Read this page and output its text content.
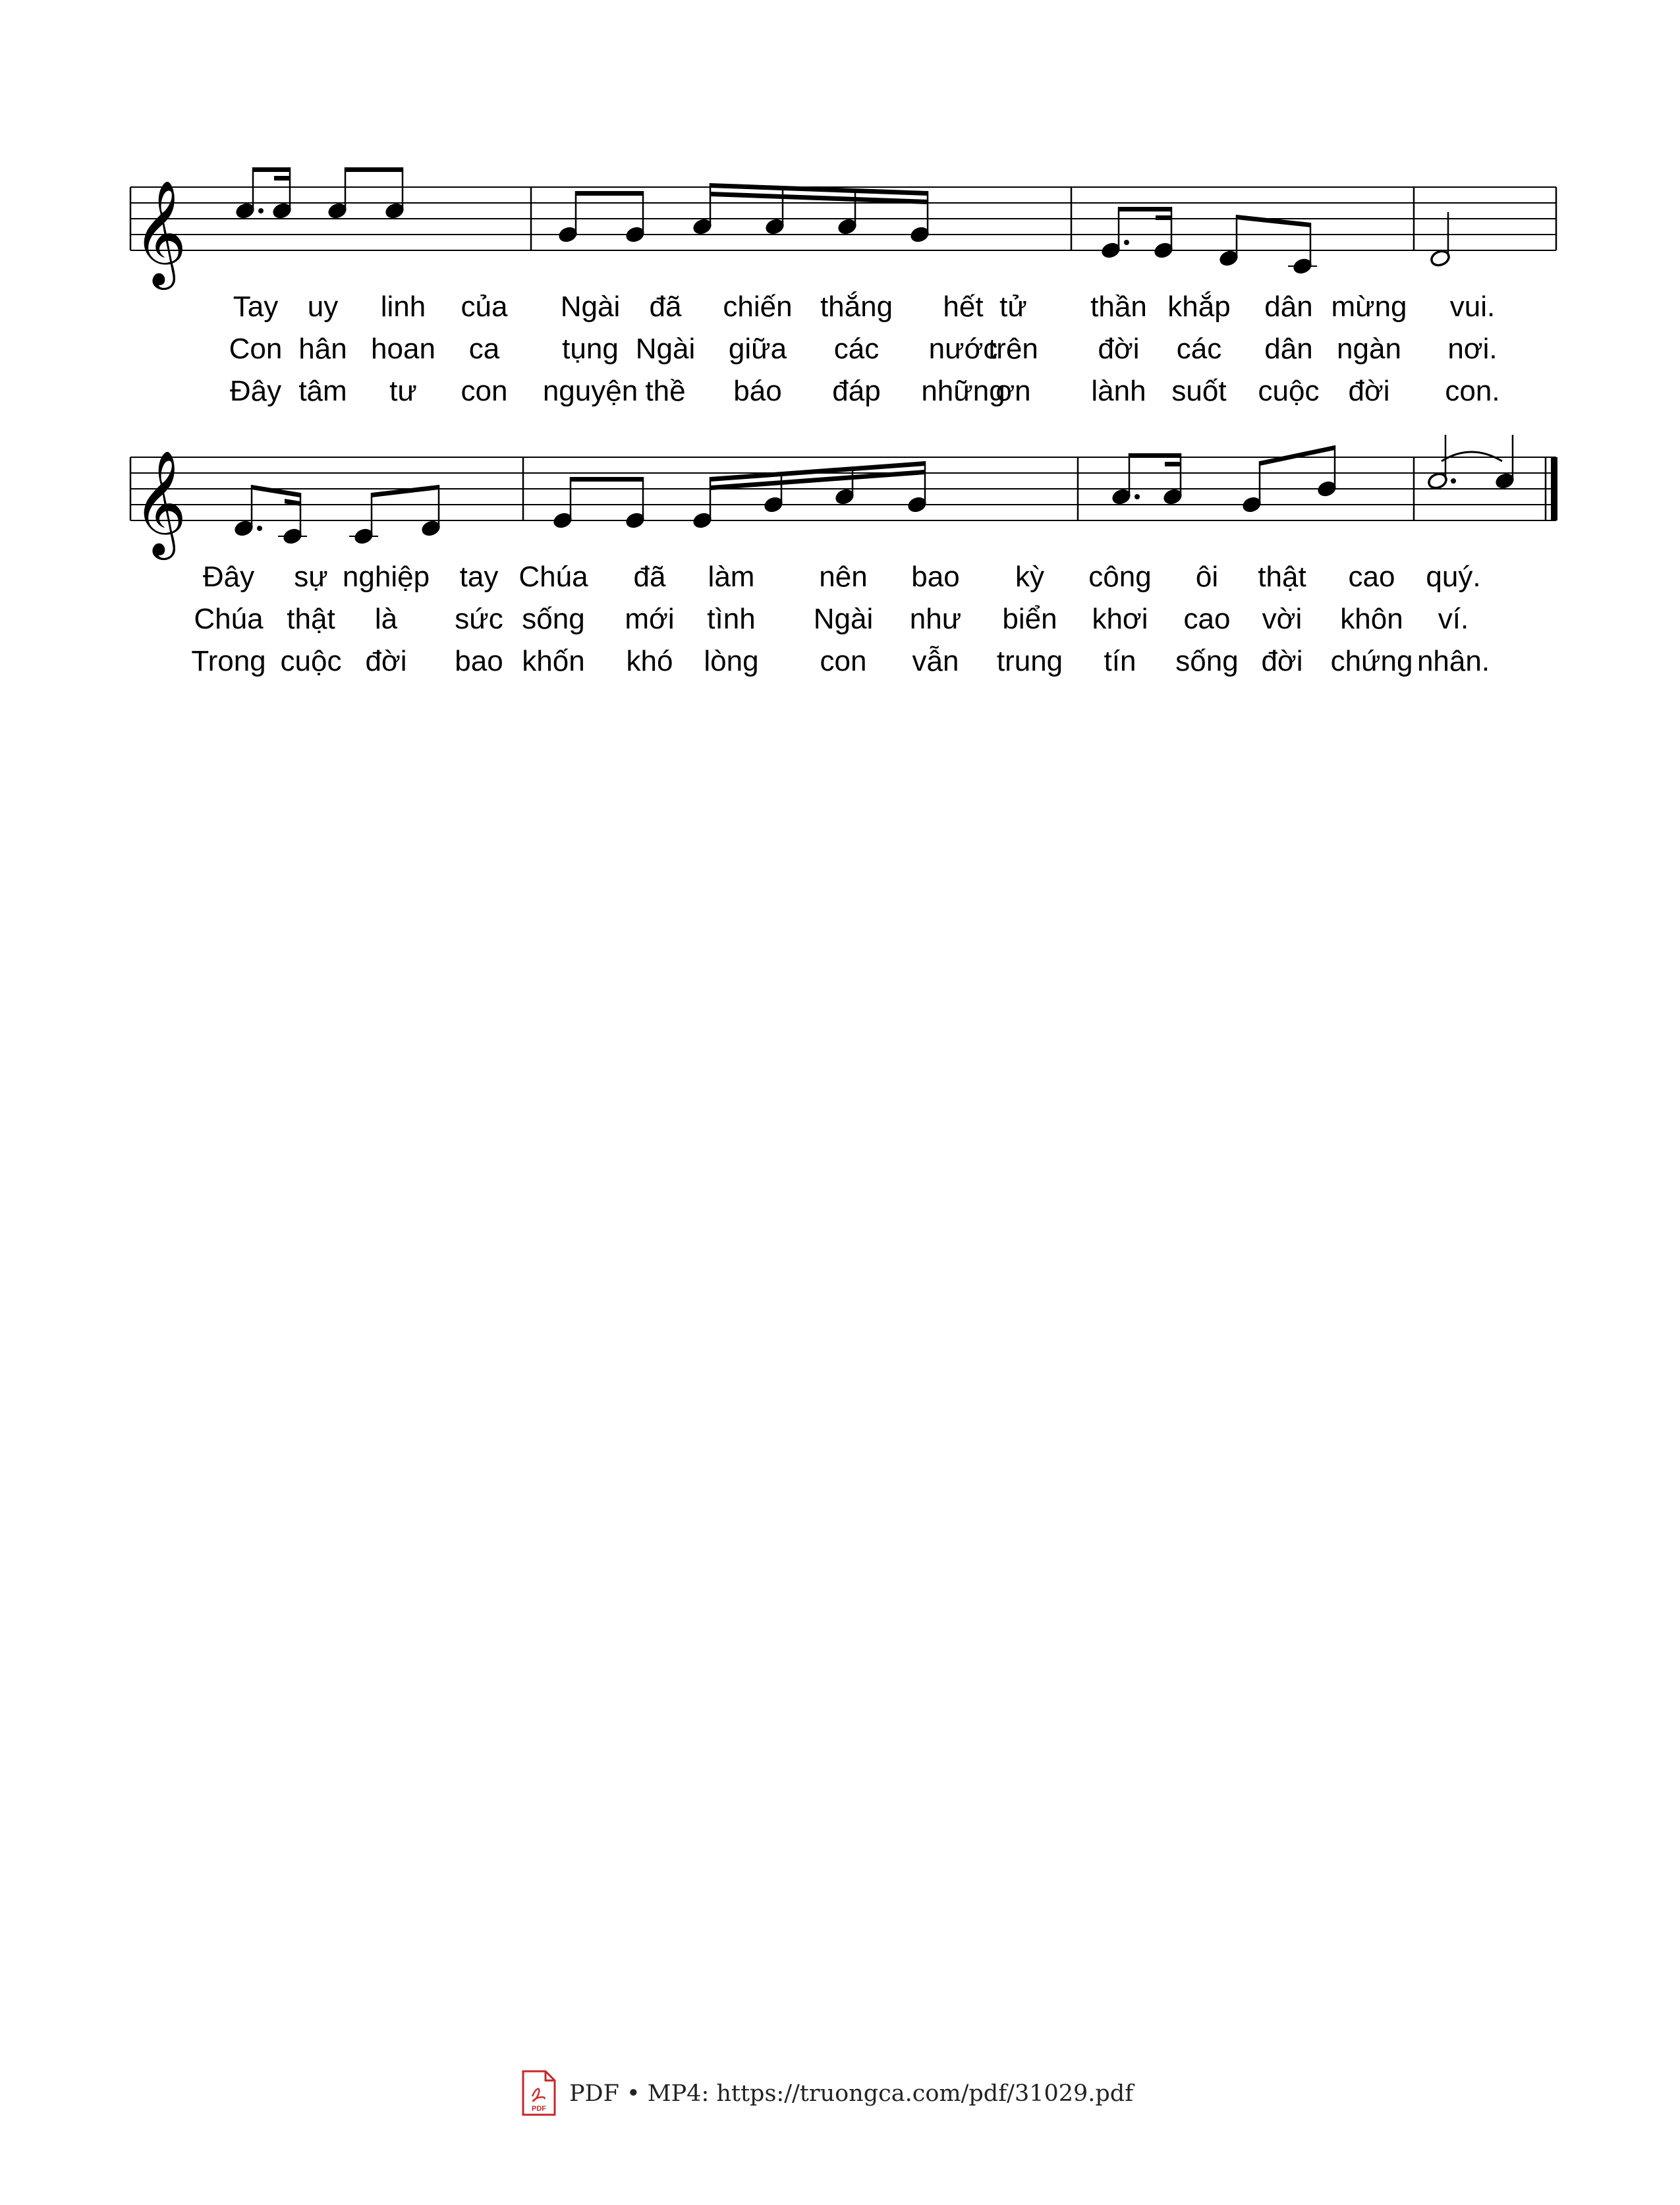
𝄞
𝄞
Tay uy linh của Ngài đã chiến thắng hết tử thần khắp dân mừng vui.
Con hân hoan ca tụng Ngài giữa các nước
trên đời các dân ngàn nơi.
Đây tâm tư con nguyện thề báo đáp những
ơn lành suốt cuộc đời con.
Đây sự nghiệp tay Chúa đã làm nên bao kỳ công ôi thật cao quý.
Chúa thật là sức sống mới tình Ngài như biển khơi cao vời khôn ví.
Trong cuộc đời bao khốn khó lòng con vẫn trung tín sống đời chứng nhân.
PDF
PDF • MP4: https://truongca.com/pdf/31029.pdf
